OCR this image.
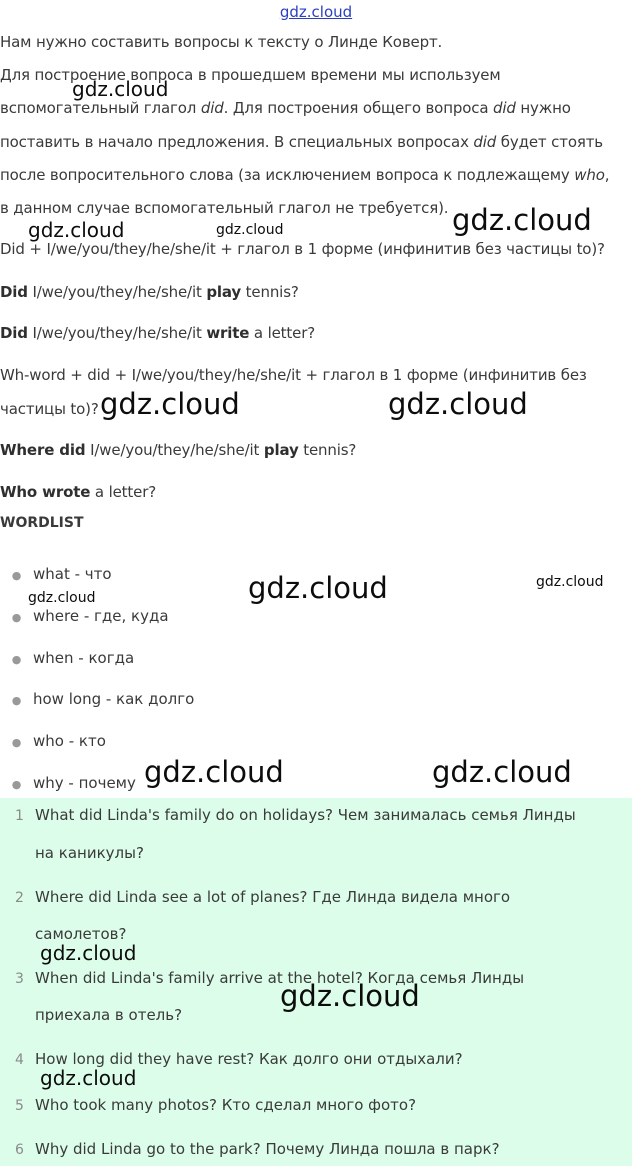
gdz.cloud
Нам нужно составить вопросы к тексту о Линде Коверт.
Для построение вопроса в прошедшем времени мы используем
вспомогательный глагол did. Для построения общего вопроса did нужно
поставить в начало предложения. В специальных вопросах did будет стоять
после вопросительного слова (за исключением вопроса к подлежащему who,
в данном случае вспомогательный глагол не требуется).
Did + I/we/you/they/he/she/it + глагол в 1 форме (инфинитив без частицы to)?
Did I/we/you/they/he/she/it play tennis?
Did I/we/you/they/he/she/it write a letter?
Wh-word + did + I/we/you/they/he/she/it + глагол в 1 форме (инфинитив без
частицы to)?
Where did I/we/you/they/he/she/it play tennis?
Who wrote a letter?
WORDLIST
● what - что
● where - где, куда
● when - когда
● how long - как долго
● who - кто
● why - почему
1 What did Linda's family do on holidays? Чем занималась семья Линды
на каникулы?
2 Where did Linda see a lot of planes? Где Линда видела много
самолетов?
3 When did Linda's family arrive at the hotel? Когда семья Линды
приехала в отель?
4 How long did they have rest? Как долго они отдыхали?
5 Who took many photos? Кто сделал много фото?
6 Why did Linda go to the park? Почему Линда пошла в парк?
gdz.cloud
gdz.cloud	gdz.cloud	gdz.cloud
gdz.cloud	gdz.cloud
gdz.cloud	gdz.cloud
gdz.cloud
gdz.cloud	gdz.cloud
gdz.cloud
gdz.cloud
gdz.cloud
